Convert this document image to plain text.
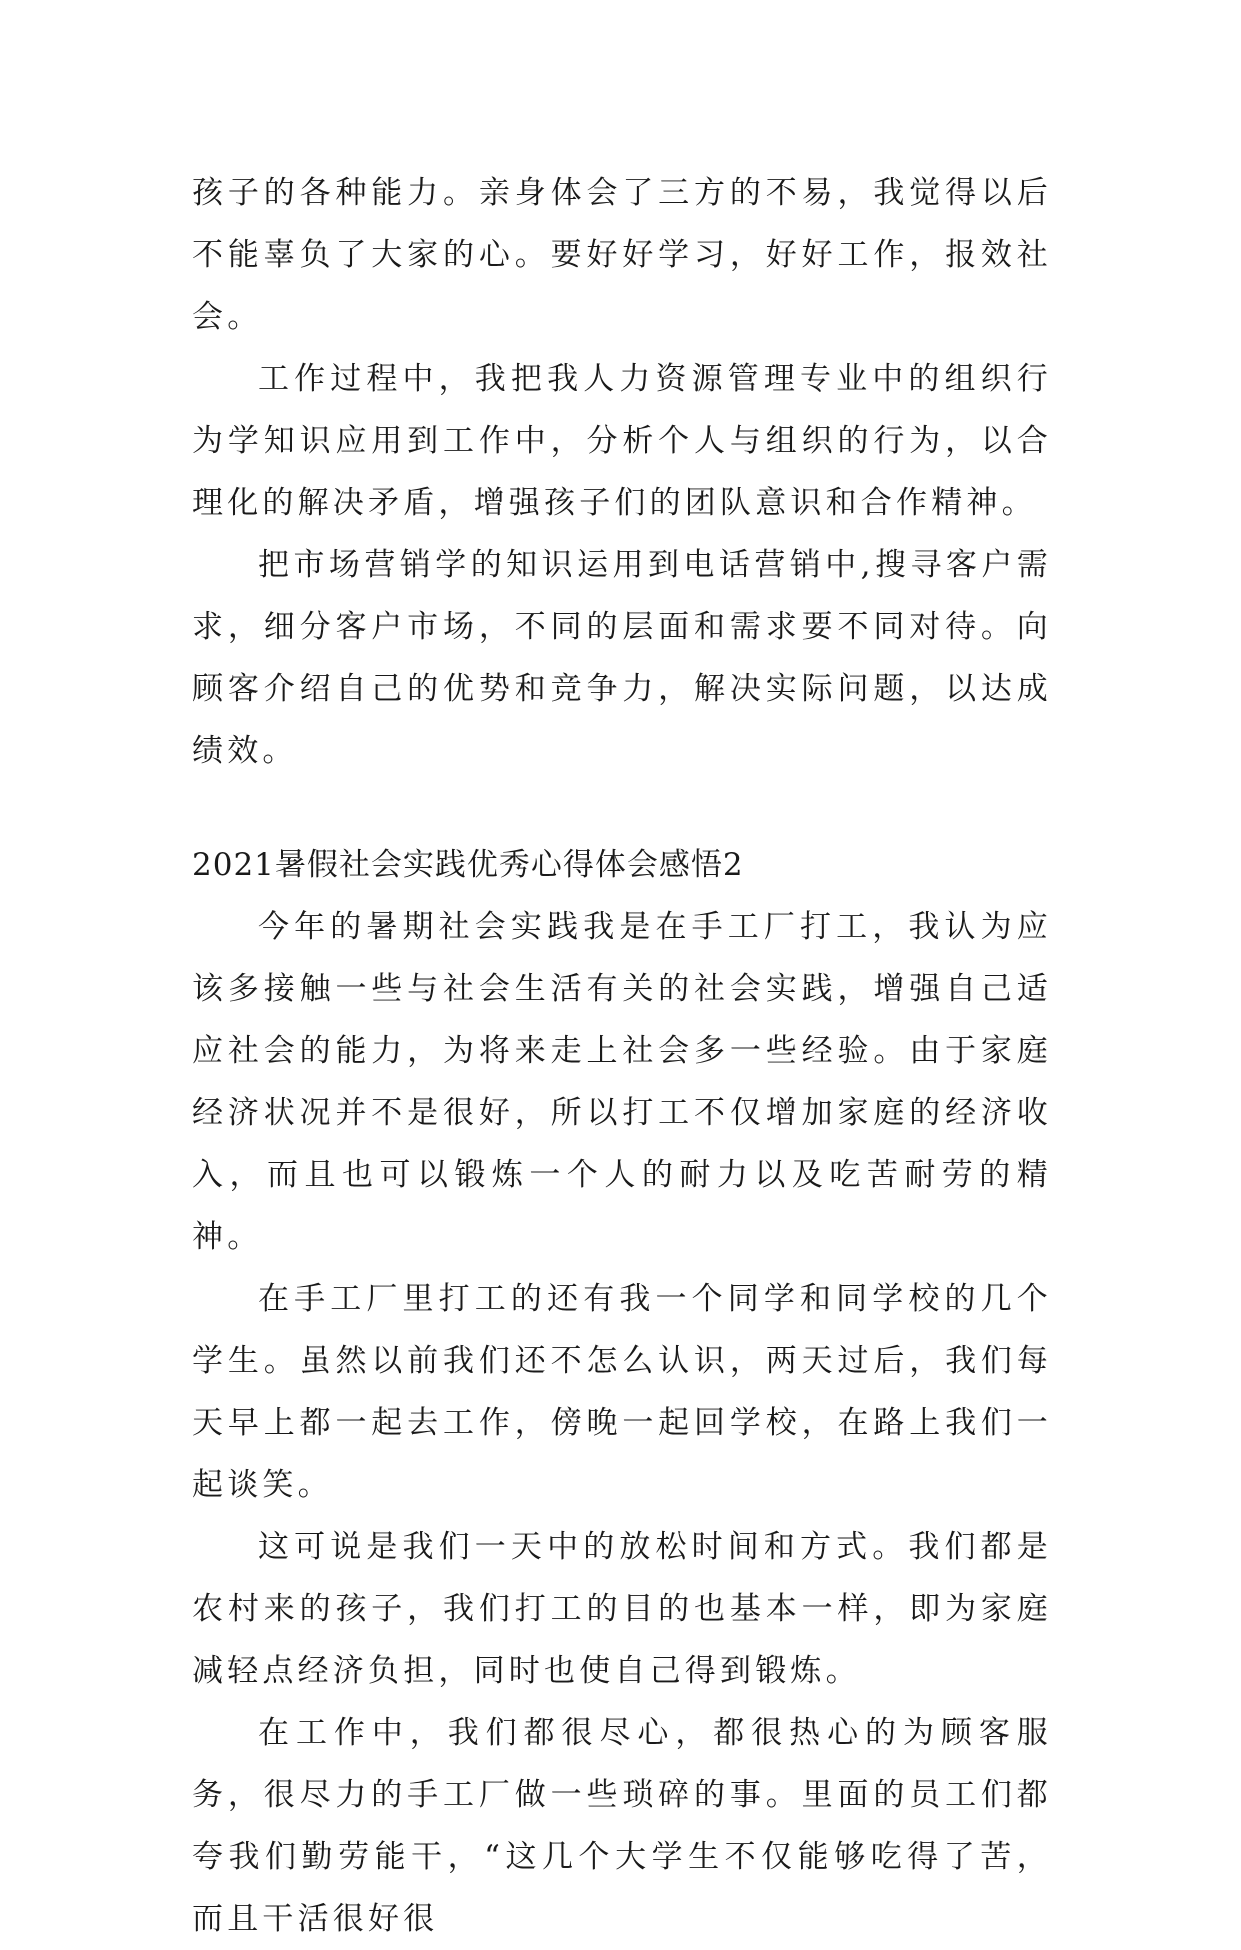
孩子的各种能力。亲身体会了三方的不易，我觉得以后不能辜负了大家的心。要好好学习，好好工作，报效社会。

工作过程中，我把我人力资源管理专业中的组织行为学知识应用到工作中，分析个人与组织的行为，以合理化的解决矛盾，增强孩子们的团队意识和合作精神。

把市场营销学的知识运用到电话营销中,搜寻客户需求，细分客户市场，不同的层面和需求要不同对待。向顾客介绍自己的优势和竞争力，解决实际问题，以达成绩效。

2021暑假社会实践优秀心得体会感悟2

今年的暑期社会实践我是在手工厂打工，我认为应该多接触一些与社会生活有关的社会实践，增强自己适应社会的能力，为将来走上社会多一些经验。由于家庭经济状况并不是很好，所以打工不仅增加家庭的经济收入，而且也可以锻炼一个人的耐力以及吃苦耐劳的精神。

在手工厂里打工的还有我一个同学和同学校的几个学生。虽然以前我们还不怎么认识，两天过后，我们每天早上都一起去工作，傍晚一起回学校，在路上我们一起谈笑。

这可说是我们一天中的放松时间和方式。我们都是农村来的孩子，我们打工的目的也基本一样，即为家庭减轻点经济负担，同时也使自己得到锻炼。

在工作中，我们都很尽心，都很热心的为顾客服务，很尽力的手工厂做一些琐碎的事。里面的员工们都夸我们勤劳能干，“这几个大学生不仅能够吃得了苦，而且干活很好很
